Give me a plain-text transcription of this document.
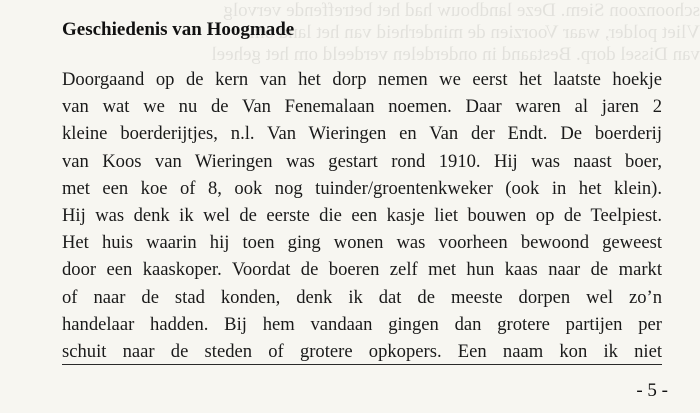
schoonzoon Siem. Deze landbouw had het betreffende vervolg
Vliet polder, waar Voorzien de minderheid van het land om
van Dissel dorp. Bestaand in onderdelen verdeeld om het geheel
Geschiedenis van Hoogmade
Doorgaand op de kern van het dorp nemen we eerst het laatste hoekje
van wat we nu de Van Fenemalaan noemen. Daar waren al jaren 2
kleine boerderijtjes, n.l. Van Wieringen en Van der Endt. De boerderij
van Koos van Wieringen was gestart rond 1910. Hij was naast boer,
met een koe of 8, ook nog tuinder/groentenkweker (ook in het klein).
Hij was denk ik wel de eerste die een kasje liet bouwen op de Teelpiest.
Het huis waarin hij toen ging wonen was voorheen bewoond geweest
door een kaaskoper. Voordat de boeren zelf met hun kaas naar de markt
of naar de stad konden, denk ik dat de meeste dorpen wel zo’n
handelaar hadden. Bij hem vandaan gingen dan grotere partijen per
schuit naar de steden of grotere opkopers. Een naam kon ik niet
- 5 -
